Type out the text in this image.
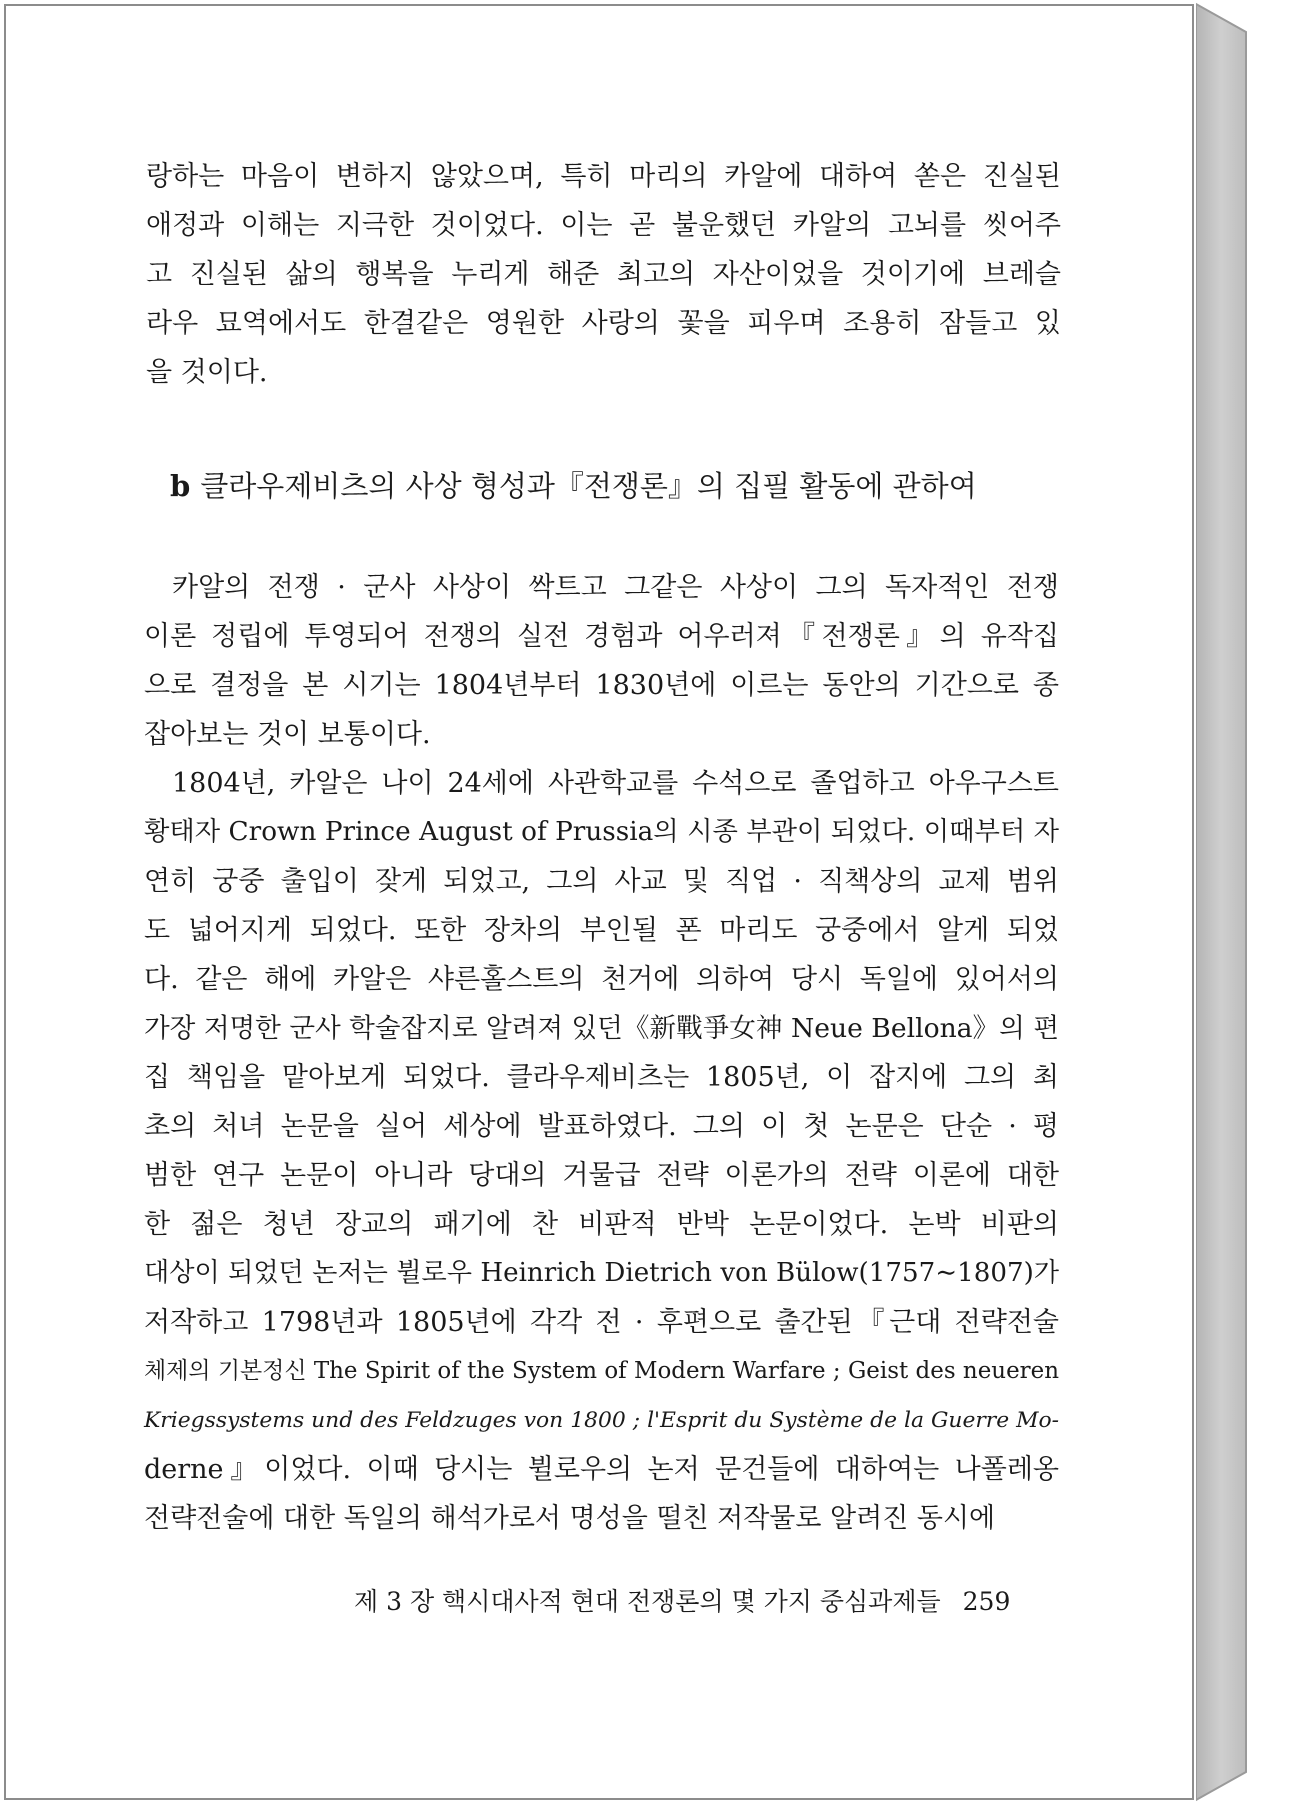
랑하는 마음이 변하지 않았으며, 특히 마리의 카알에 대하여 쏟은 진실된
애정과 이해는 지극한 것이었다. 이는 곧 불운했던 카알의 고뇌를 씻어주
고 진실된 삶의 행복을 누리게 해준 최고의 자산이었을 것이기에 브레슬
라우 묘역에서도 한결같은 영원한 사랑의 꽃을 피우며 조용히 잠들고 있
을 것이다.

b 클라우제비츠의 사상 형성과『전쟁론』의 집필 활동에 관하여

카알의 전쟁 · 군사 사상이 싹트고 그같은 사상이 그의 독자적인 전쟁
이론 정립에 투영되어 전쟁의 실전 경험과 어우러져『전쟁론』의 유작집
으로 결정을 본 시기는 1804년부터 1830년에 이르는 동안의 기간으로 종
잡아보는 것이 보통이다.

1804년, 카알은 나이 24세에 사관학교를 수석으로 졸업하고 아우구스트
황태자 Crown Prince August of Prussia의 시종 부관이 되었다. 이때부터 자
연히 궁중 출입이 잦게 되었고, 그의 사교 및 직업 · 직책상의 교제 범위
도 넓어지게 되었다. 또한 장차의 부인될 폰 마리도 궁중에서 알게 되었
다. 같은 해에 카알은 샤른홀스트의 천거에 의하여 당시 독일에 있어서의
가장 저명한 군사 학술잡지로 알려져 있던《新戰爭女神 Neue Bellona》의 편
집 책임을 맡아보게 되었다. 클라우제비츠는 1805년, 이 잡지에 그의 최
초의 처녀 논문을 실어 세상에 발표하였다. 그의 이 첫 논문은 단순 · 평
범한 연구 논문이 아니라 당대의 거물급 전략 이론가의 전략 이론에 대한
한 젊은 청년 장교의 패기에 찬 비판적 반박 논문이었다. 논박 비판의
대상이 되었던 논저는 뷜로우 Heinrich Dietrich von Bülow(1757∼1807)가
저작하고 1798년과 1805년에 각각 전 · 후편으로 출간된『근대 전략전술
체제의 기본정신 The Spirit of the System of Modern Warfare ; Geist des neueren
Kriegssystems und des Feldzuges von 1800 ; l'Esprit du Système de la Guerre Mo-
derne』이었다. 이때 당시는 뷜로우의 논저 문건들에 대하여는 나폴레옹
전략전술에 대한 독일의 해석가로서 명성을 떨친 저작물로 알려진 동시에

제 3 장 핵시대사적 현대 전쟁론의 몇 가지 중심과제들 259
